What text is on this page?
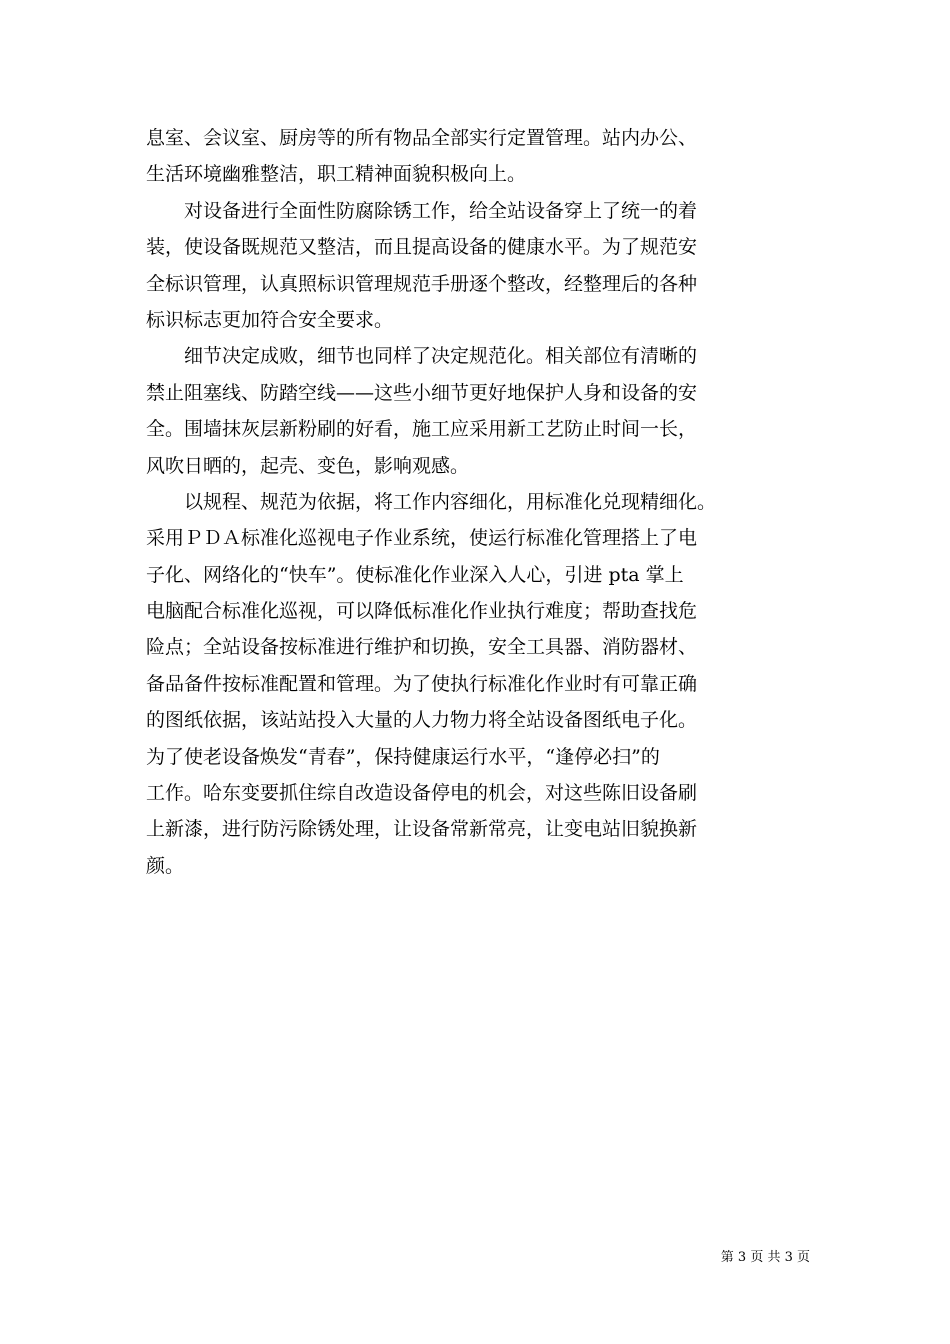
息室、会议室、厨房等的所有物品全部实行定置管理。站内办公、
生活环境幽雅整洁，职工精神面貌积极向上。
对设备进行全面性防腐除锈工作，给全站设备穿上了统一的着
装，使设备既规范又整洁，而且提高设备的健康水平。为了规范安
全标识管理，认真照标识管理规范手册逐个整改，经整理后的各种
标识标志更加符合安全要求。
细节决定成败，细节也同样了决定规范化。相关部位有清晰的
禁止阻塞线、防踏空线——这些小细节更好地保护人身和设备的安
全。围墙抹灰层新粉刷的好看，施工应采用新工艺防止时间一长，
风吹日晒的，起壳、变色，影响观感。
以规程、规范为依据，将工作内容细化，用标准化兑现精细化。
采用ＰＤＡ标准化巡视电子作业系统，使运行标准化管理搭上了电
子化、网络化的“快车”。使标准化作业深入人心，引进 pta 掌上
电脑配合标准化巡视，可以降低标准化作业执行难度；帮助查找危
险点；全站设备按标准进行维护和切换，安全工具器、消防器材、
备品备件按标准配置和管理。为了使执行标准化作业时有可靠正确
的图纸依据，该站站投入大量的人力物力将全站设备图纸电子化。
为了使老设备焕发“青春”，保持健康运行水平，“逢停必扫”的
工作。哈东变要抓住综自改造设备停电的机会，对这些陈旧设备刷
上新漆，进行防污除锈处理，让设备常新常亮，让变电站旧貌换新
颜。
第 3 页 共 3 页
